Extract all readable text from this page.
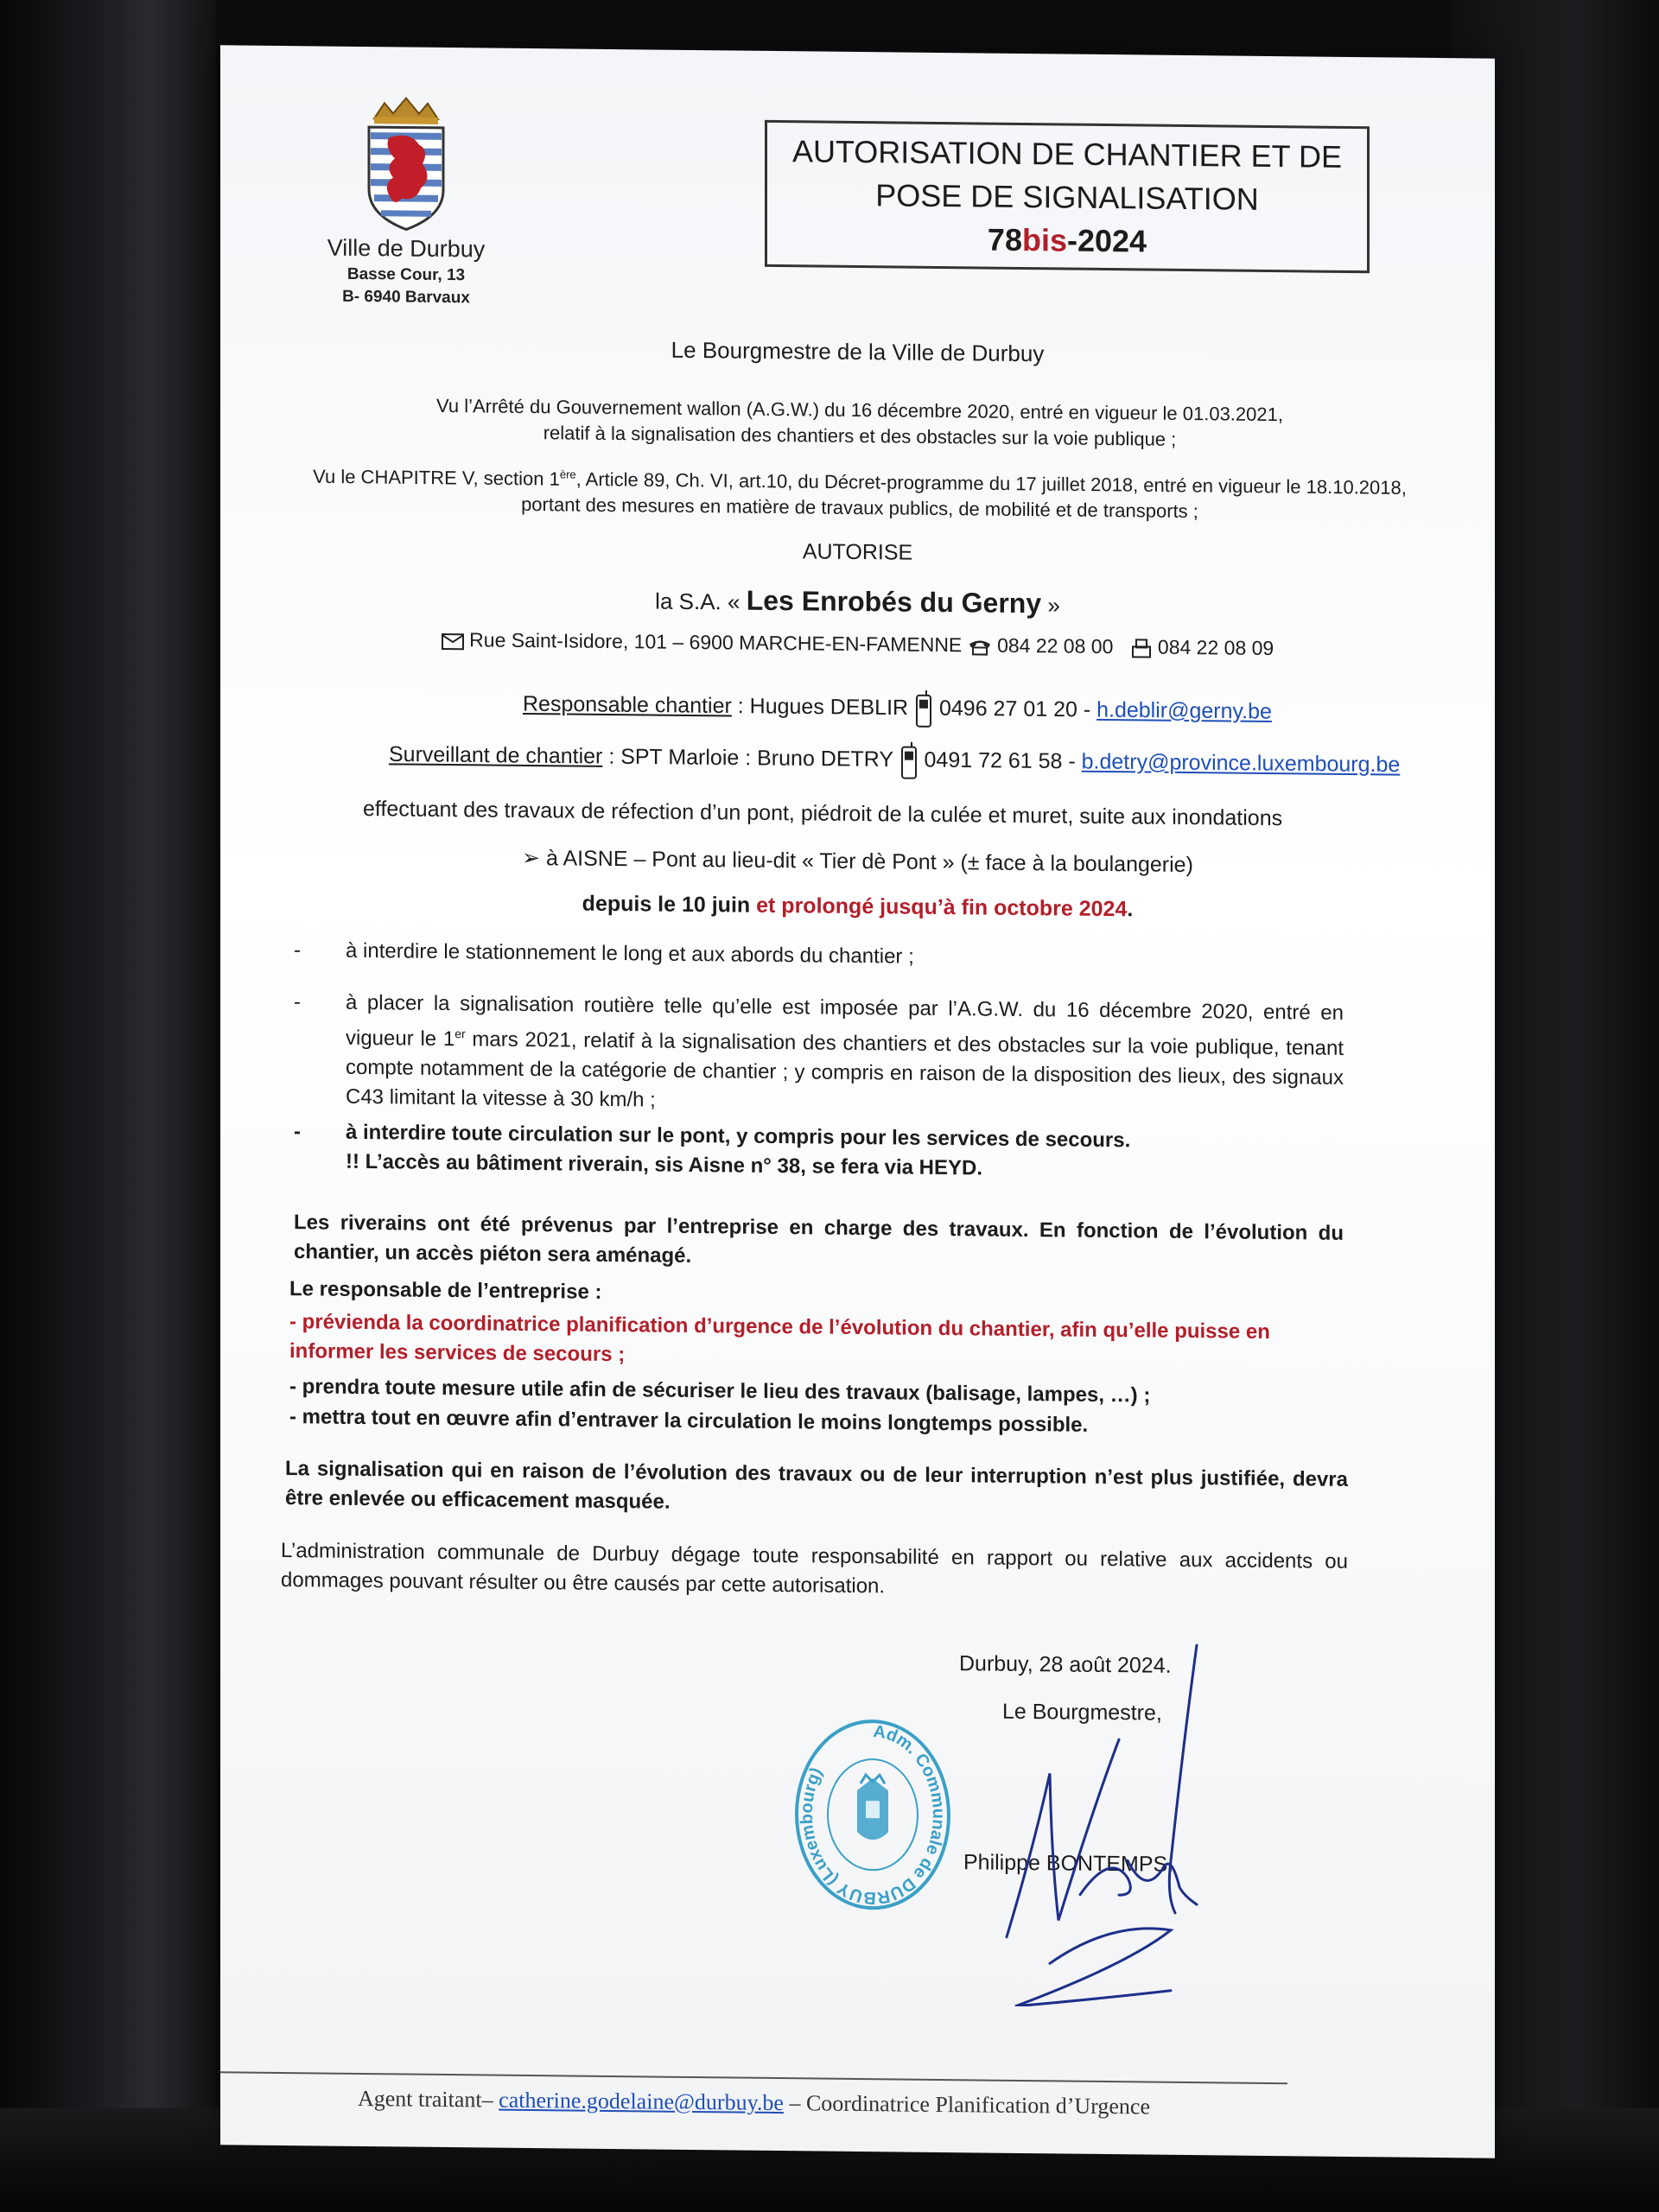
Ville de Durbuy
Basse Cour, 13
B- 6940 Barvaux
AUTORISATION DE CHANTIER ET DE
POSE DE SIGNALISATION
78bis-2024
Le Bourgmestre de la Ville de Durbuy
Vu l’Arrêté du Gouvernement wallon (A.G.W.) du 16 décembre 2020, entré en vigueur le 01.03.2021,
relatif à la signalisation des chantiers et des obstacles sur la voie publique ;
Vu le CHAPITRE V, section 1ère, Article 89, Ch. VI, art.10, du Décret-programme du 17 juillet 2018, entré en vigueur le 18.10.2018,
portant des mesures en matière de travaux publics, de mobilité et de transports ;
AUTORISE
la S.A. « Les Enrobés du Gerny »
Rue Saint-Isidore, 101 – 6900 MARCHE-EN-FAMENNE 084 22 08 00 084 22 08 09
Responsable chantier : Hugues DEBLIR 0496 27 01 20 - h.deblir@gerny.be
Surveillant de chantier : SPT Marloie : Bruno DETRY 0491 72 61 58 - b.detry@province.luxembourg.be
effectuant des travaux de réfection d’un pont, piédroit de la culée et muret, suite aux inondations
➢ à AISNE – Pont au lieu-dit « Tier dè Pont » (± face à la boulangerie)
depuis le 10 juin et prolongé jusqu’à fin octobre 2024.
-	à interdire le stationnement le long et aux abords du chantier ;
-	à placer la signalisation routière telle qu’elle est imposée par l’A.G.W. du 16 décembre 2020, entré en vigueur le 1er mars 2021, relatif à la signalisation des chantiers et des obstacles sur la voie publique, tenant compte notamment de la catégorie de chantier ; y compris en raison de la disposition des lieux, des signaux C43 limitant la vitesse à 30 km/h ;
-	à interdire toute circulation sur le pont, y compris pour les services de secours.
!! L’accès au bâtiment riverain, sis Aisne n° 38, se fera via HEYD.
Les riverains ont été prévenus par l’entreprise en charge des travaux. En fonction de l’évolution du chantier, un accès piéton sera aménagé.
Le responsable de l’entreprise :
- prévienda la coordinatrice planification d’urgence de l’évolution du chantier, afin qu’elle puisse en informer les services de secours ;
- prendra toute mesure utile afin de sécuriser le lieu des travaux (balisage, lampes, …) ;
- mettra tout en œuvre afin d’entraver la circulation le moins longtemps possible.
La signalisation qui en raison de l’évolution des travaux ou de leur interruption n’est plus justifiée, devra être enlevée ou efficacement masquée.
L’administration communale de Durbuy dégage toute responsabilité en rapport ou relative aux accidents ou dommages pouvant résulter ou être causés par cette autorisation.
Durbuy, 28 août 2024.
Le Bourgmestre,
Philippe BONTEMPS.
Adm. Communale de DURBUY (Luxembourg)
Agent traitant– catherine.godelaine@durbuy.be – Coordinatrice Planification d’Urgence
